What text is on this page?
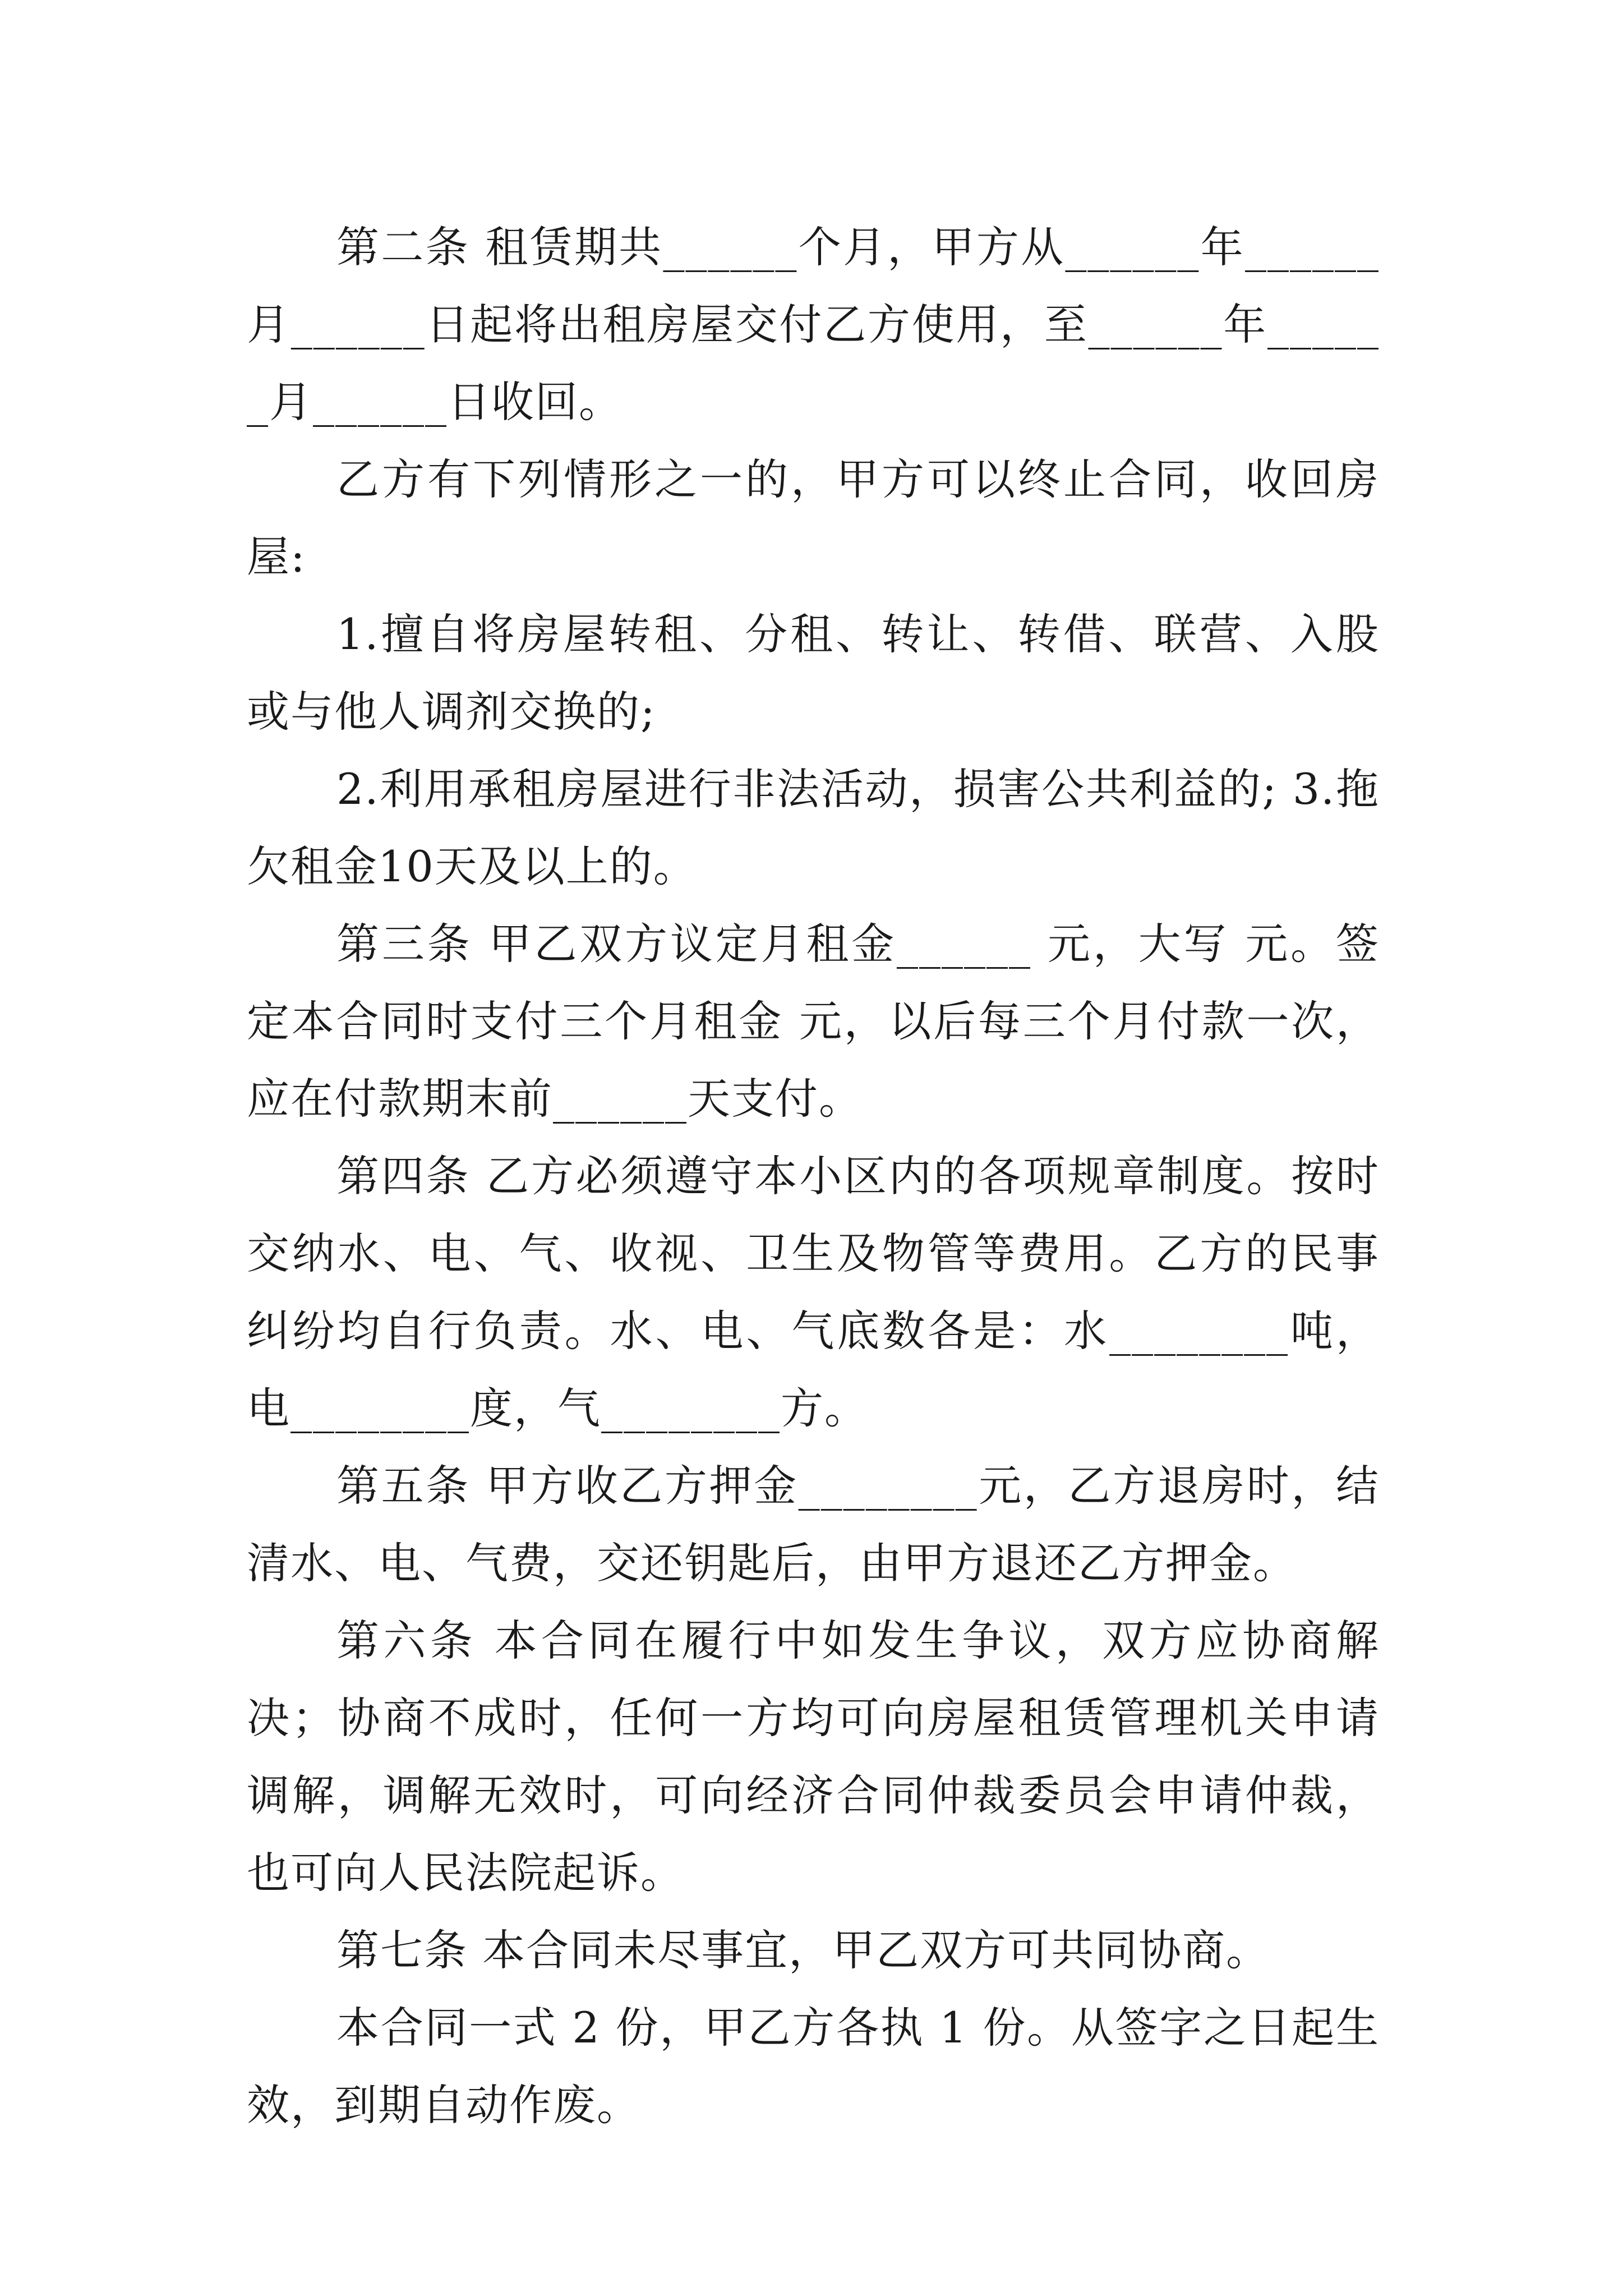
第二条 租赁期共______个月，甲方从______年______月______日起将出租房屋交付乙方使用，至______年______月______日收回。

乙方有下列情形之一的，甲方可以终止合同，收回房屋:

1.擅自将房屋转租、分租、转让、转借、联营、入股或与他人调剂交换的;

2.利用承租房屋进行非法活动，损害公共利益的; 3.拖欠租金10天及以上的。

第三条 甲乙双方议定月租金______ 元，大写 元。签定本合同时支付三个月租金 元，以后每三个月付款一次，应在付款期末前______天支付。

第四条 乙方必须遵守本小区内的各项规章制度。按时交纳水、电、气、收视、卫生及物管等费用。乙方的民事纠纷均自行负责。水、电、气底数各是：水________吨，电________度，气________方。

第五条 甲方收乙方押金________元，乙方退房时，结清水、电、气费，交还钥匙后，由甲方退还乙方押金。

第六条 本合同在履行中如发生争议，双方应协商解决；协商不成时，任何一方均可向房屋租赁管理机关申请调解，调解无效时，可向经济合同仲裁委员会申请仲裁，也可向人民法院起诉。

第七条 本合同未尽事宜，甲乙双方可共同协商。

本合同一式 2 份，甲乙方各执 1 份。从签字之日起生效，到期自动作废。
